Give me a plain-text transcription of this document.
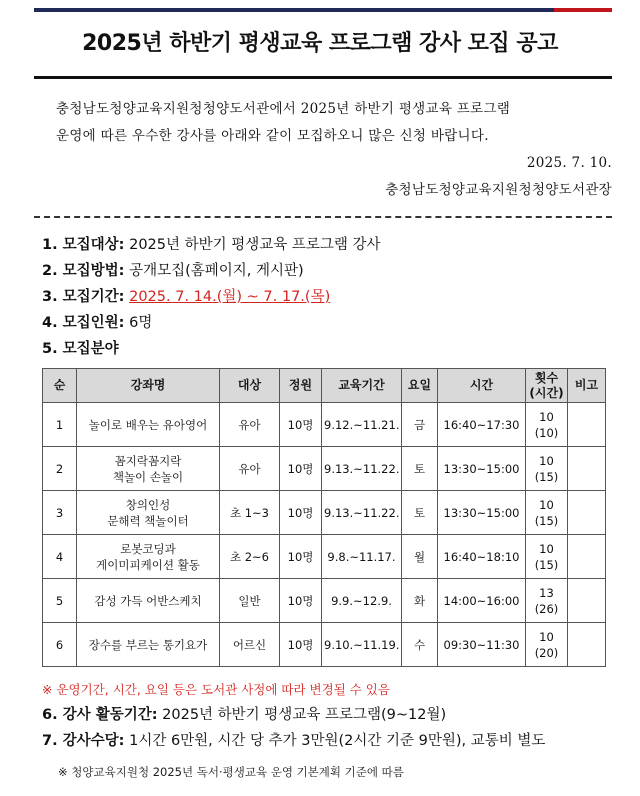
2025년 하반기 평생교육 프로그램 강사 모집 공고

충청남도청양교육지원청청양도서관에서 2025년 하반기 평생교육 프로그램

운영에 따른 우수한 강사를 아래와 같이 모집하오니 많은 신청 바랍니다.

2025. 7. 10.

충청남도청양교육지원청청양도서관장

1. 모집대상: 2025년 하반기 평생교육 프로그램 강사
2. 모집방법: 공개모집(홈페이지, 게시판)
3. 모집기간: 2025. 7. 14.(월) ~ 7. 17.(목)
4. 모집인원: 6명
5. 모집분야
순	강좌명	대상	정원	교육기간	요일	시간	횟수
(시간)	비고
1	놀이로 배우는 유아영어	유아	10명	9.12.~11.21.	금	16:40~17:30	10
(10)	
2	꼼지락꼼지락
책놀이 손놀이	유아	10명	9.13.~11.22.	토	13:30~15:00	10
(15)	
3	창의인성
문해력 책놀이터	초 1~3	10명	9.13.~11.22.	토	13:30~15:00	10
(15)	
4	로봇코딩과
게이미피케이션 활동	초 2~6	10명	9.8.~11.17.	월	16:40~18:10	10
(15)	
5	감성 가득 어반스케치	일반	10명	9.9.~12.9.	화	14:00~16:00	13
(26)	
6	장수를 부르는 통기요가	어르신	10명	9.10.~11.19.	수	09:30~11:30	10
(20)	
※ 운영기간, 시간, 요일 등은 도서관 사정에 따라 변경될 수 있음
6. 강사 활동기간: 2025년 하반기 평생교육 프로그램(9~12월)
7. 강사수당: 1시간 6만원, 시간 당 추가 3만원(2시간 기준 9만원), 교통비 별도
※ 청양교육지원청 2025년 독서·평생교육 운영 기본계획 기준에 따름
